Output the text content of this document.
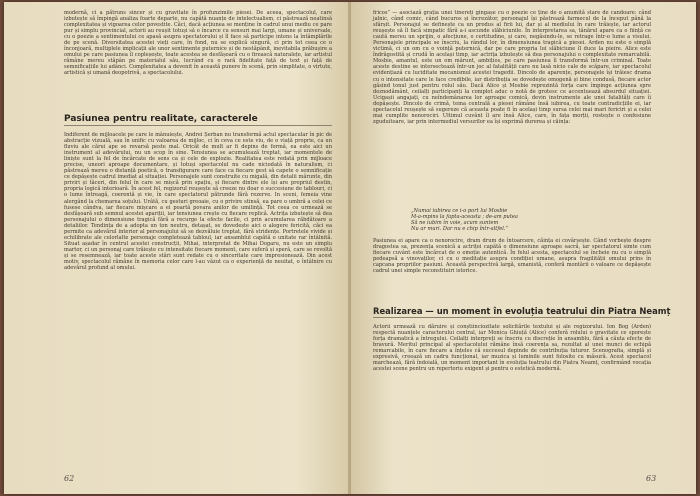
modernă, ci a pătruns sincer și cu gravitate în profunzimile piesei. De aceea, spectacolul, care izbutește să împingă analiza foarte departe, nu capătă nuanțe de intelectualism, ci păstrează neatinsă complexitatea și vigoarea celor povestite. Căci, dacă acțiunea se menține în cadrul unui mediu ce pare pur și simplu provincial, actorii au reușit totuși să o încarce cu sensuri mai largi, umane și universale, cu o poezie a sentimentului ce apasă asupra spectatorului și îl face să participe intens la întâmplările de pe scenă. Diversitatea acestei vieți care, în fond, nu se explică singură, ci prin tot ceea ce o înconjoară, multiplele implicații ale unor sentimente puternice și de nestăpânit, inevitabila prăbușire a omului pe care pasiunea îl copleșește, toate acestea se desfășoară cu o firească naturalețe, iar artistul rămâne mereu stăpân pe materialul său, lucrând cu o rară fidelitate față de text și față de semnificațiile lui adânci. Complexitatea a devenit în această punere în scenă, prin simplitate, o virtute, artistică și umană deopotrivă, a spectacolului.
Pasiunea pentru realitate, caracterele
Indiferent de mijloacele pe care le mânuiește, Andrei Șerban nu transformă actul spectacular în pic de abstracție vizuală, sau în unific cu valoarea de mijloc, ci în ceva ce este viu, de o viață proprie, ca un fluviu ale cărui ape se revarsă peste mal. Oricât de mult ar fi depins de formă, ea este aici un instrument al adevărului, nu un scop în sine. Tensiunea se acumulează treptat, iar momentele de liniște sunt la fel de încărcate de sens ca și cele de explozie. Realitatea este redată prin mijloace precise, uneori aproape documentare, și totuși spectacolul nu cade niciodată în naturalism, ci păstrează mereu o distanță poetică, o transfigurare care face ca fiecare gest să capete o semnificație ce depășește cadrul imediat al situației. Personajele sunt construite cu migală, din detalii mărunte, din priviri și tăceri, din felul în care se mișcă prin spațiu, și fiecare dintre ele își are propriul destin, propria logică interioară. În acest fel, regizorul reușește să creeze nu doar o succesiune de tablouri, ci o lume întreagă, coerentă și vie, în care spectatorul pătrunde fără rezerve. In sceni, femeia vine alergând la chemarea soțului. Urâtă, cu gesturi greoaie, cu o privire stinsă, ea pare o umbră a celei ce fusese cândva, iar fiecare mișcare a ei poartă povara anilor de umilință. Tot ceea ce urmează se desfășoară sub semnul acestei apariții, iar tensiunea crește cu fiecare replică. Actrița izbutește să dea personajului o dimensiune tragică fără a recurge la efecte facile, ci prin acumularea răbdătoare a detaliilor. Tendința de a adopta un ton neutru, detașat, se dovedește aici o alegere fericită, căci ea permite ca adevărul interior al personajului să se dezvăluie treptat, fără stridențe. Portretele vivide și echilibrate ale celorlalte personaje completează tabloul, iar ansamblul capătă o unitate rar întâlnită. Situat așadar în centrul acestei construcții, Mihai, interpretat de Mihai Dogaru, nu este un simplu martor, ci un personaj care trăiește cu intensitate fiecare moment, care suferă și speră, care se revoltă și se resemnează, iar toate aceste stări sunt redate cu o sinceritate care impresionează. Din acest motiv, spectacolul rămâne în memoria celor care l-au văzut ca o experiență de neuitat, o întâlnire cu adevărul profund al omului.
62
fricos” — asociază grația unei tinereți gingașe cu o poezie ce ține de o anumită stare de candoare: când jalnic, când comic, când bucuros și încrezător, personajul își păstrează farmecul de la început până la sfârșit. Personajul se definește ca un produs al firii lui, dar și al mediului în care trăiește, iar actorul reușește să îl facă simpatic fără a-i ascunde slăbiciunile. În interpretarea sa, tânărul apare ca o ființă ce caută mereu un sprijin, o afecțiune, o certitudine, și care, negăsindu-le, se retrage într-o lume a visului. Personajele principale se înscriu, la rândul lor, în dimensiunea tragică a piesei. Arden nu este o simplă victimă, ci un om cu o voință puternică, dar pe care propria lui slăbiciune îl duce la pieire. Alice este îndrăgostită și crudă în același timp, iar actrița izbutește să dea personajului o complexitate remarcabilă. Mosbie, amantul, este un om mărunt, ambițios, pe care pasiunea îl transformă într-un criminal. Toate aceste destine se intersectează într-un joc al fatalității care nu lasă nicio cale de scăpare, iar spectacolul evidențiază cu luciditate mecanismul acestei tragedii. Dincolo de aparențe, personajele își trăiesc drama cu o intensitate care le face credibile, iar distribuția se dovedește omogenă și bine condusă, fiecare actor găsind tonul just pentru rolul său. Dacă Alice și Mosbie reprezintă forța care împinge acțiunea spre deznodământ, ceilalți participanți la complot aduc o notă de grotesc ce accentuează absurdul situației. Ucigașii angajați, cu neîndemânarea lor aproape comică, devin instrumente ale unei fatalități care îi depășește. Dincolo de crimă, tema centrală a piesei rămâne însă iubirea, cu toate contradicțiile ei, iar spectacolul reușește să sugereze că aceasta poate fi în același timp sursa celei mai mari fericiri și a celei mai cumplite nenorociri. Ultimul cuvânt îl are însă Alice, care, în fața morții, rostește o confesiune zguduitoare, iar prin intermediul versurilor ea își exprimă durerea și căința:
„Numai iubirea ce i-o port lui Mosbie
M-a-mpins la fapta-aceasta ; de-am putea
Să ne iubim în voie, acum suntem
Nu ar muri. Dar nu e chip într-altfel.”
Pasiunea ei apare ca o nenorocire, dram drum de întoarcere, căința ei covârșește. Când vorbește despre dragostea sa, prezența scenică a actriței capătă o dimensiune aproape sacră, iar spectatorul simte cum fiecare cuvânt este încărcat de o emoție autentică. În felul acesta, spectacolul se încheie nu cu o simplă pedeapsă a vinovaților, ci cu o meditație asupra condiției umane, asupra fragilității omului prins în capcana propriilor pasiuni. Această perspectivă largă, umanistă, conferă montării o valoare ce depășește cadrul unei simple reconstituiri istorice.
Realizarea — un moment în evoluția teatrului din Piatra Neamț
Actorii urmează cu dăruire și conștiinciozitate solicitările textului și ale regizorului. Ion Bog (Arden) respectă nuanțele caracterului central, iar Monica Ghiuță (Alice) conferă rolului o gravitate ce sporește forța dramatică a întregului. Ceilalți interpreți se înscriu cu discreție în ansamblu, fără a căuta efecte de bravură. Meritul principal al spectacolului rămâne însă coerența sa, rezultat al unei munci de echipă remarcabile, în care fiecare a înțeles că succesul depinde de contribuția tuturor. Scenografia, simplă și expresivă, creează un cadru funcțional, iar muzica și luminile sunt folosite cu măsură. Acest spectacol marchează, fără îndoială, un moment important în evoluția teatrului din Piatra Neamț, confirmând vocația acestei scene pentru un repertoriu exigent și pentru o estetică modernă.
63
